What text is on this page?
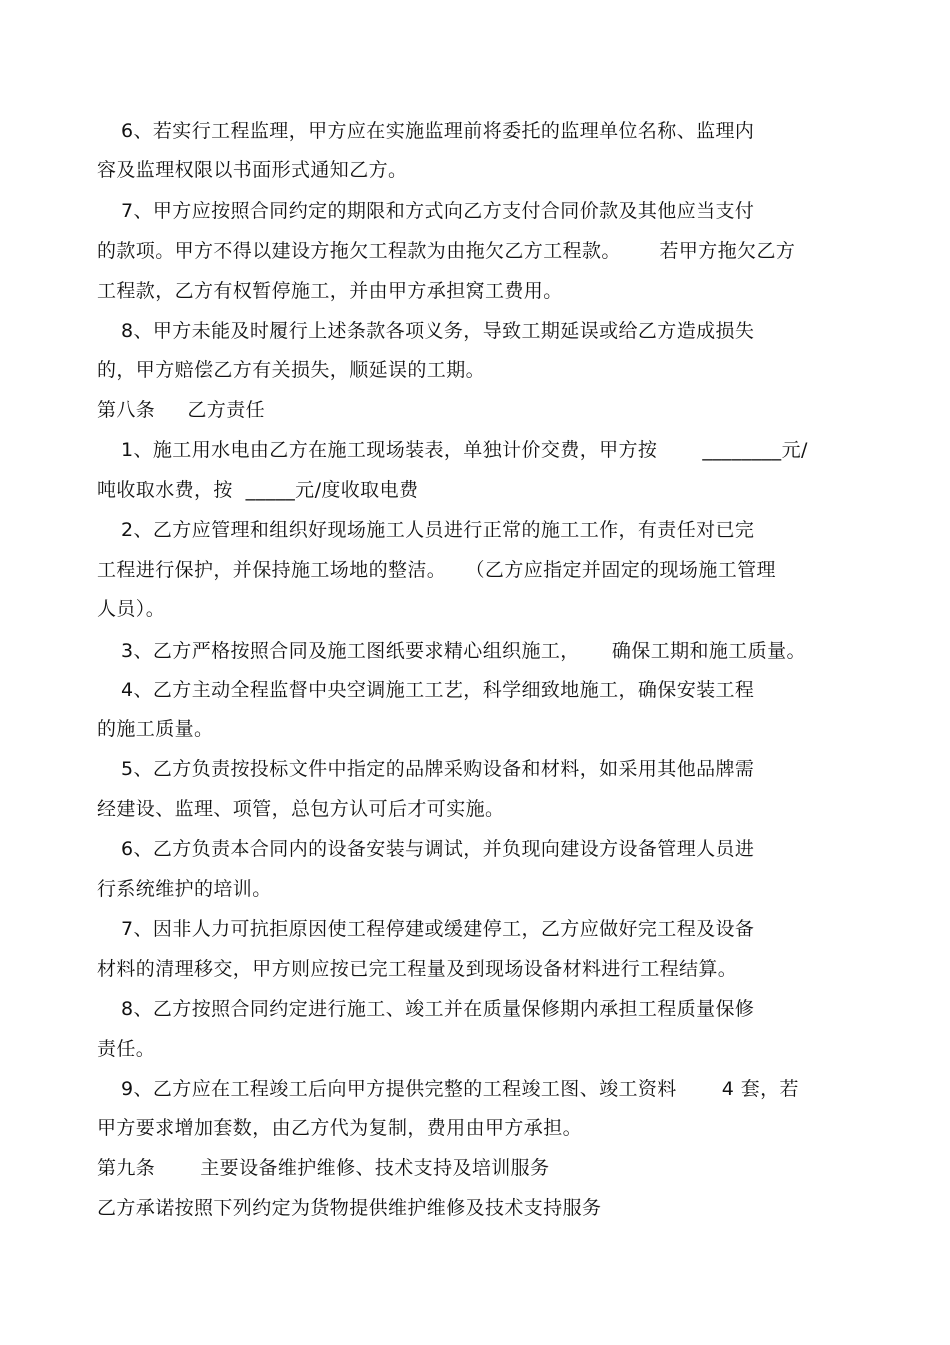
6、若实行工程监理，甲方应在实施监理前将委托的监理单位名称、监理内
容及监理权限以书面形式通知乙方。
7、甲方应按照合同约定的期限和方式向乙方支付合同价款及其他应当支付
的款项。甲方不得以建设方拖欠工程款为由拖欠乙方工程款。      若甲方拖欠乙方
工程款，乙方有权暂停施工，并由甲方承担窝工费用。
8、甲方未能及时履行上述条款各项义务，导致工期延误或给乙方造成损失
的，甲方赔偿乙方有关损失，顺延误的工期。
第八条     乙方责任
1、施工用水电由乙方在施工现场装表，单独计价交费，甲方按       ________元/
吨收取水费，按  _____元/度收取电费
2、乙方应管理和组织好现场施工人员进行正常的施工工作，有责任对已完
工程进行保护，并保持施工场地的整洁。   （乙方应指定并固定的现场施工管理
人员）。
3、乙方严格按照合同及施工图纸要求精心组织施工，     确保工期和施工质量。
4、乙方主动全程监督中央空调施工工艺，科学细致地施工，确保安装工程
的施工质量。
5、乙方负责按投标文件中指定的品牌采购设备和材料，如采用其他品牌需
经建设、监理、项管，总包方认可后才可实施。
6、乙方负责本合同内的设备安装与调试，并负现向建设方设备管理人员进
行系统维护的培训。
7、因非人力可抗拒原因使工程停建或缓建停工，乙方应做好完工程及设备
材料的清理移交，甲方则应按已完工程量及到现场设备材料进行工程结算。
8、乙方按照合同约定进行施工、竣工并在质量保修期内承担工程质量保修
责任。
9、乙方应在工程竣工后向甲方提供完整的工程竣工图、竣工资料       4 套，若
甲方要求增加套数，由乙方代为复制，费用由甲方承担。
第九条       主要设备维护维修、技术支持及培训服务
乙方承诺按照下列约定为货物提供维护维修及技术支持服务
